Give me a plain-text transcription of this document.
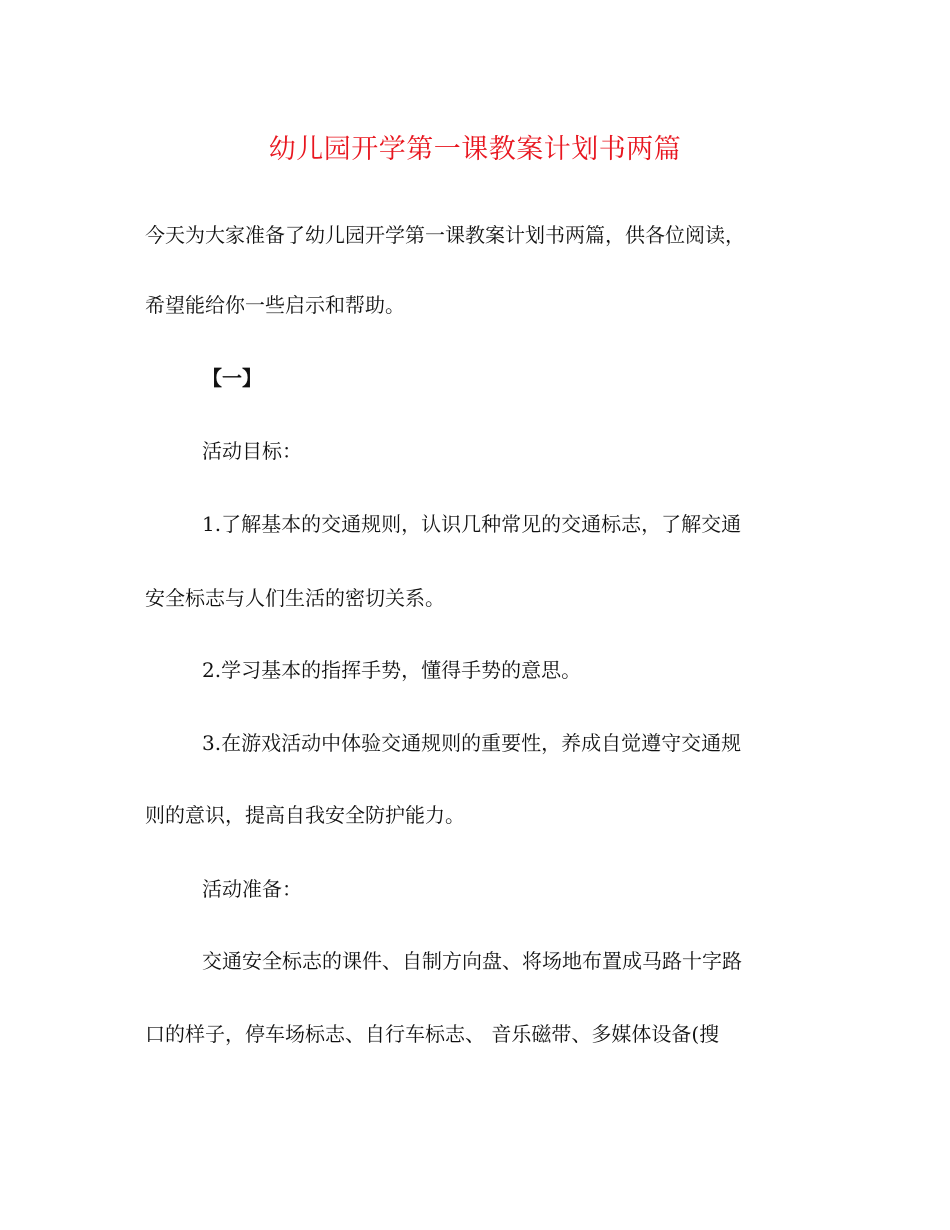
幼儿园开学第一课教案计划书两篇
今天为大家准备了幼儿园开学第一课教案计划书两篇，供各位阅读，
希望能给你一些启示和帮助。
【一】
活动目标：
1.了解基本的交通规则，认识几种常见的交通标志，了解交通
安全标志与人们生活的密切关系。
2.学习基本的指挥手势，懂得手势的意思。
3.在游戏活动中体验交通规则的重要性，养成自觉遵守交通规
则的意识，提高自我安全防护能力。
活动准备：
交通安全标志的课件、自制方向盘、将场地布置成马路十字路
口的样子，停车场标志、自行车标志、 音乐磁带、多媒体设备(搜
